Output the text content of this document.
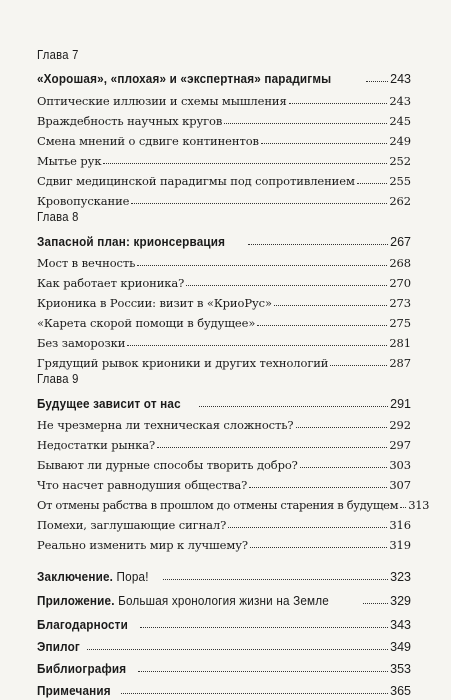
Глава 7
«Хорошая», «плохая» и «экспертная» парадигмы	243
Оптические иллюзии и схемы мышления	243
Враждебность научных кругов	245
Смена мнений о сдвиге континентов	249
Мытье рук	252
Сдвиг медицинской парадигмы под сопротивлением	255
Кровопускание	262
Глава 8
Запасной план: крионсервация	267
Мост в вечность	268
Как работает крионика?	270
Крионика в России: визит в «КриоРус»	273
«Карета скорой помощи в будущее»	275
Без заморозки	281
Грядущий рывок крионики и других технологий	287
Глава 9
Будущее зависит от нас	291
Не чрезмерна ли техническая сложность?	292
Недостатки рынка?	297
Бывают ли дурные способы творить добро?	303
Что насчет равнодушия общества?	307
От отмены рабства в прошлом до отмены старения в будущем 313
Помехи, заглушающие сигнал?	316
Реально изменить мир к лучшему?	319
Заключение. Пора!	323
Приложение. Большая хронология жизни на Земле	329
Благодарности	343
Эпилог	349
Библиография	353
Примечания	365
